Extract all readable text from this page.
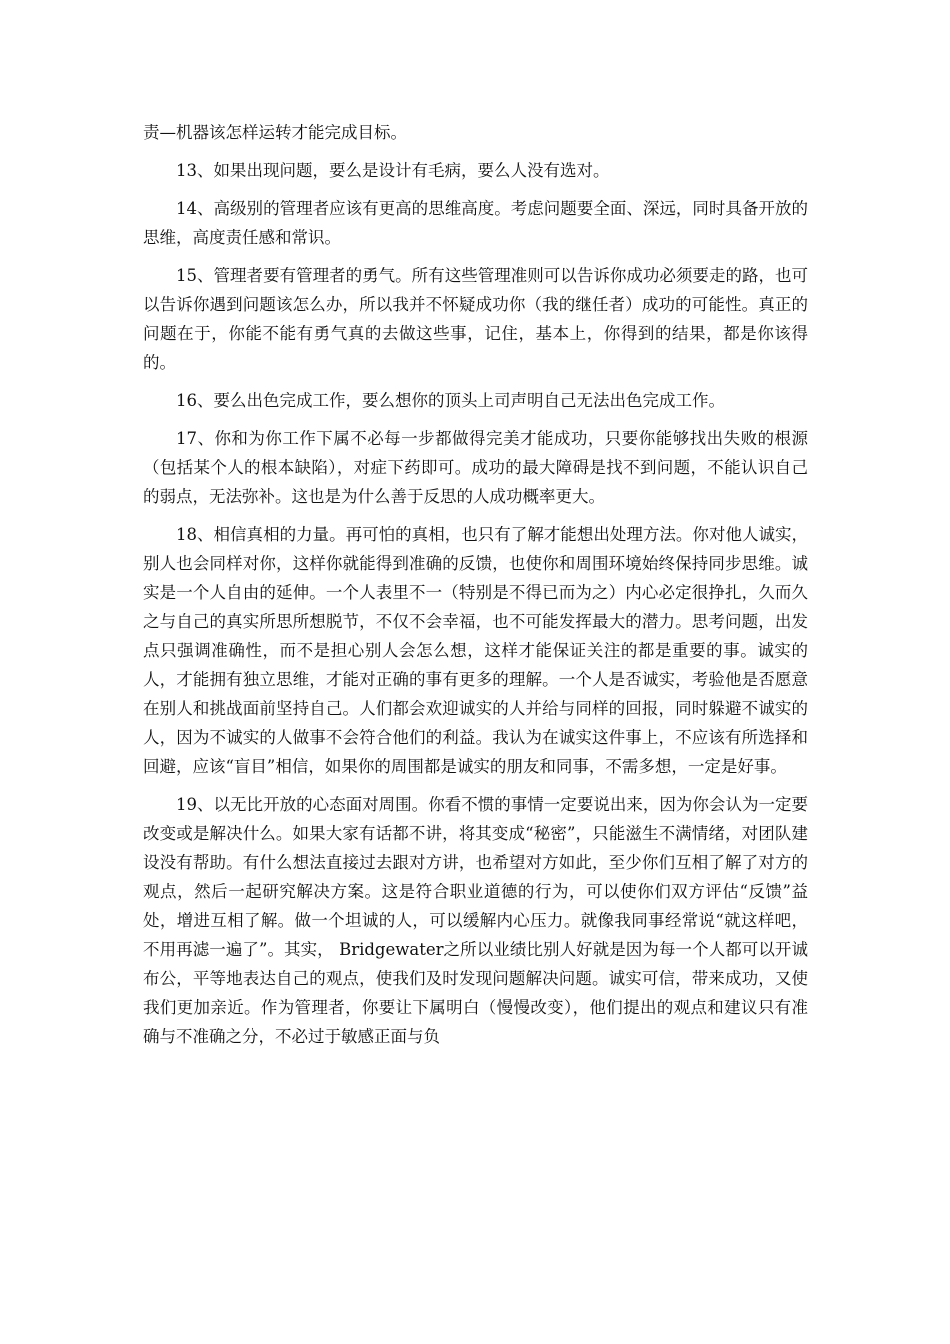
责—机器该怎样运转才能完成目标。

13、如果出现问题，要么是设计有毛病，要么人没有选对。

14、高级别的管理者应该有更高的思维高度。考虑问题要全面、深远，同时具备开放的思维，高度责任感和常识。

15、管理者要有管理者的勇气。所有这些管理准则可以告诉你成功必须要走的路，也可以告诉你遇到问题该怎么办，所以我并不怀疑成功你（我的继任者）成功的可能性。真正的问题在于，你能不能有勇气真的去做这些事，记住，基本上，你得到的结果，都是你该得的。

16、要么出色完成工作，要么想你的顶头上司声明自己无法出色完成工作。

17、你和为你工作下属不必每一步都做得完美才能成功，只要你能够找出失败的根源（包括某个人的根本缺陷），对症下药即可。成功的最大障碍是找不到问题，不能认识自己的弱点，无法弥补。这也是为什么善于反思的人成功概率更大。

18、相信真相的力量。再可怕的真相，也只有了解才能想出处理方法。你对他人诚实，别人也会同样对你，这样你就能得到准确的反馈，也使你和周围环境始终保持同步思维。诚实是一个人自由的延伸。一个人表里不一（特别是不得已而为之）内心必定很挣扎，久而久之与自己的真实所思所想脱节，不仅不会幸福，也不可能发挥最大的潜力。思考问题，出发点只强调准确性，而不是担心别人会怎么想，这样才能保证关注的都是重要的事。诚实的人，才能拥有独立思维，才能对正确的事有更多的理解。一个人是否诚实，考验他是否愿意在别人和挑战面前坚持自己。人们都会欢迎诚实的人并给与同样的回报，同时躲避不诚实的人，因为不诚实的人做事不会符合他们的利益。我认为在诚实这件事上，不应该有所选择和回避，应该“盲目”相信，如果你的周围都是诚实的朋友和同事，不需多想，一定是好事。

19、以无比开放的心态面对周围。你看不惯的事情一定要说出来，因为你会认为一定要改变或是解决什么。如果大家有话都不讲，将其变成“秘密”，只能滋生不满情绪，对团队建设没有帮助。有什么想法直接过去跟对方讲，也希望对方如此，至少你们互相了解了对方的观点，然后一起研究解决方案。这是符合职业道德的行为，可以使你们双方评估“反馈”益处，增进互相了解。做一个坦诚的人，可以缓解内心压力。就像我同事经常说“就这样吧，不用再滤一遍了”。其实， Bridgewater之所以业绩比别人好就是因为每一个人都可以开诚布公，平等地表达自己的观点，使我们及时发现问题解决问题。诚实可信，带来成功，又使我们更加亲近。作为管理者，你要让下属明白（慢慢改变），他们提出的观点和建议只有准确与不准确之分，不必过于敏感正面与负
